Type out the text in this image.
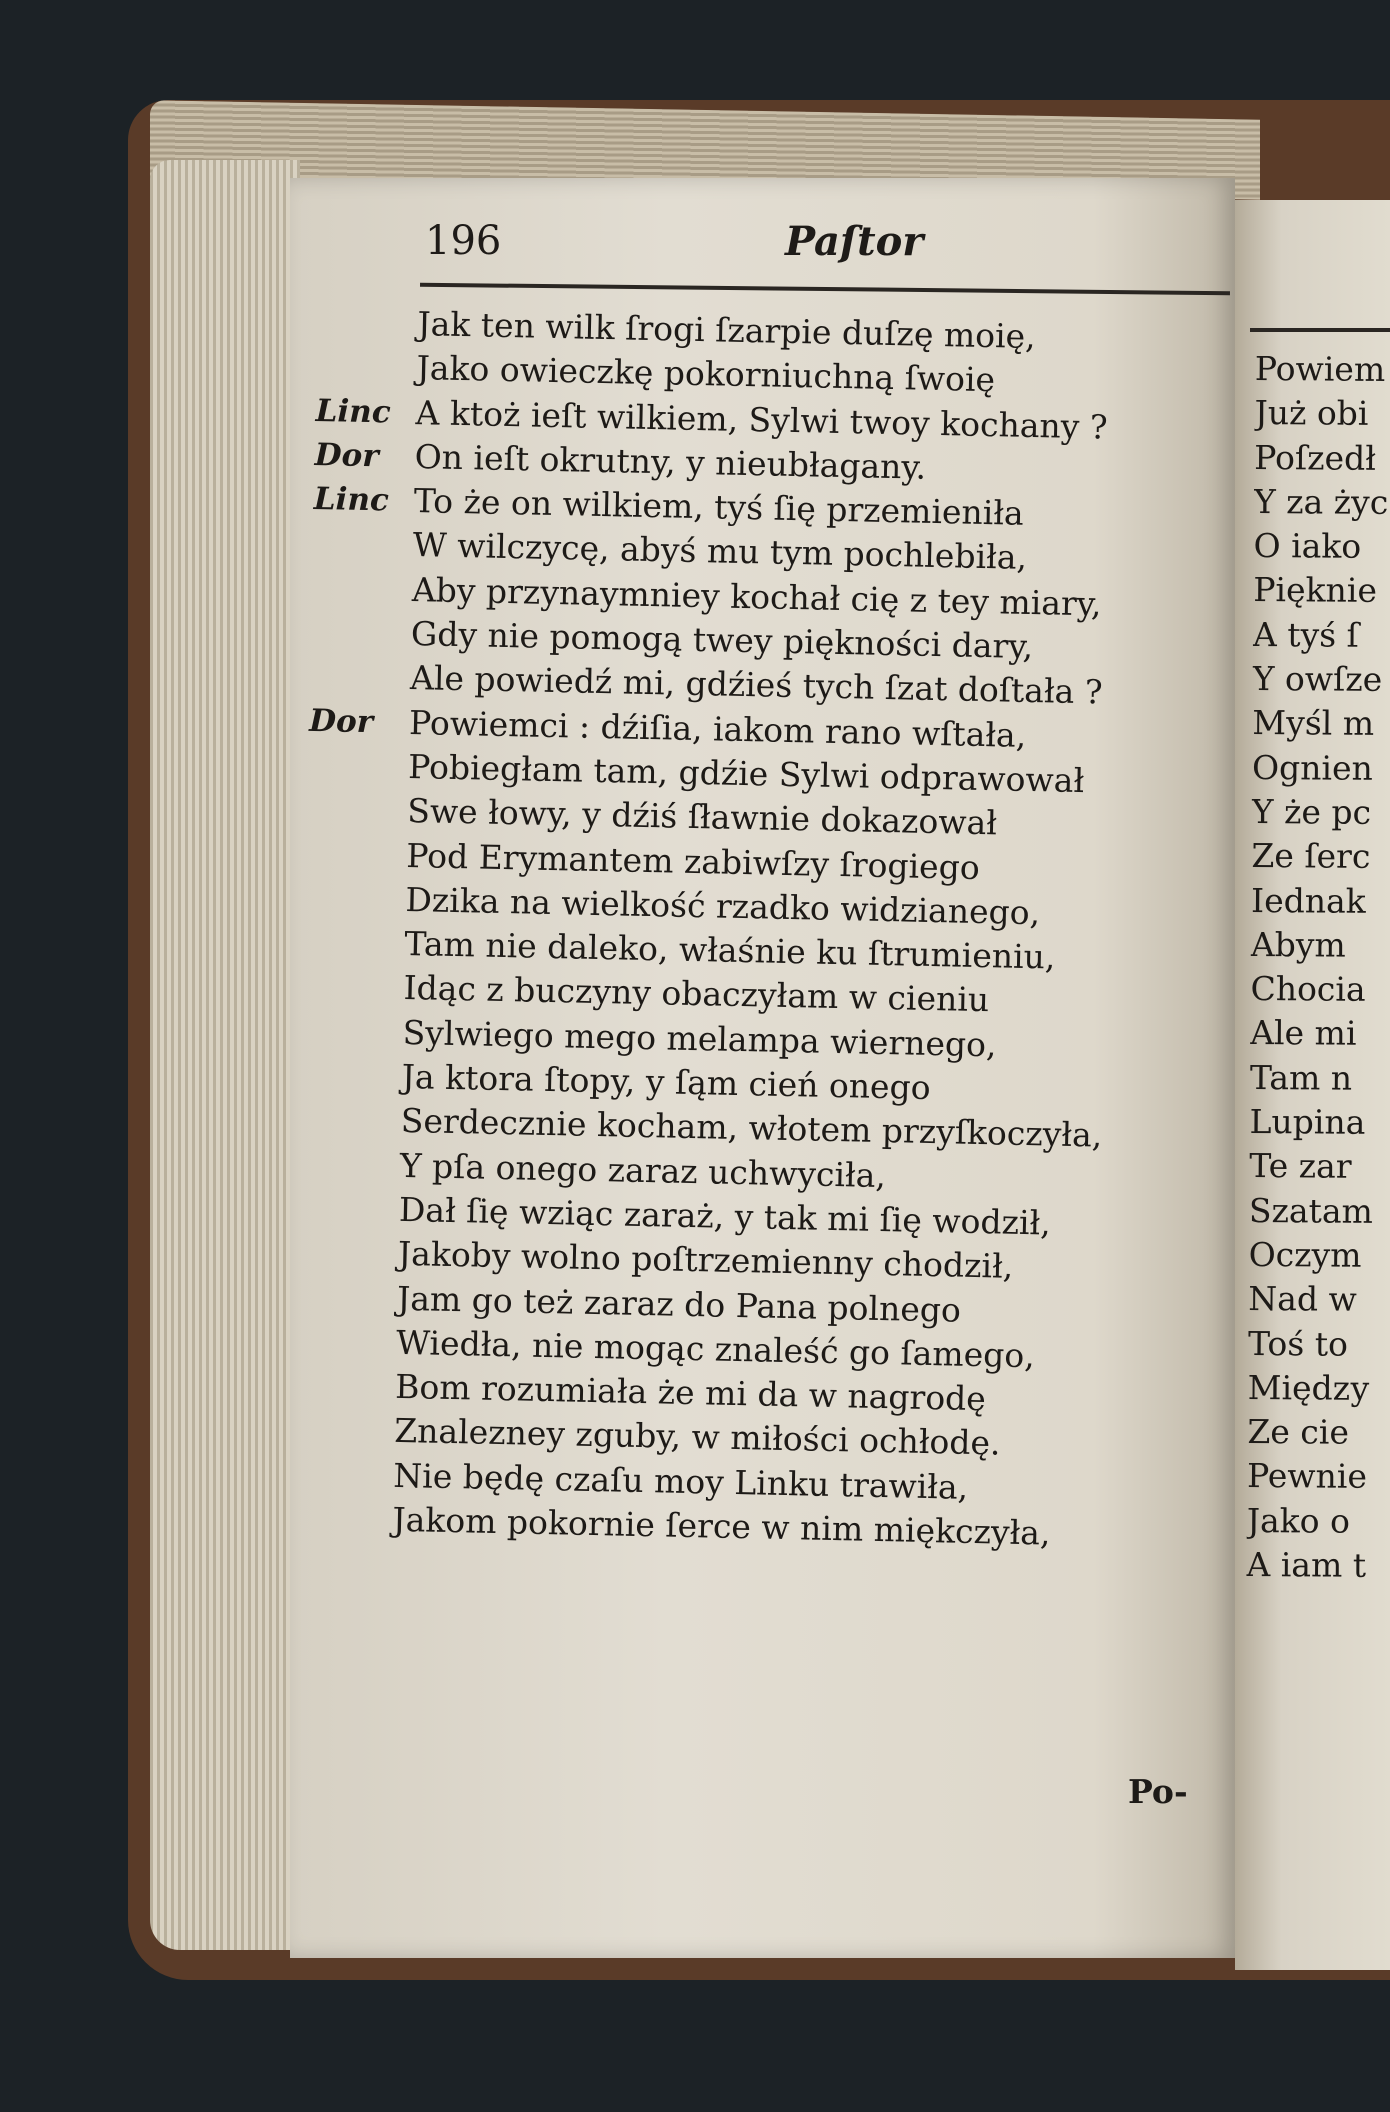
196	Paſtor
Jak ten wilk ſrogi ſzarpie duſzę moię,
Jako owieczkę pokorniuchną ſwoię
Linc A ktoż ieſt wilkiem, Sylwi twoy kochany ?
Dor	On ieſt okrutny, y nieubłagany.
Linc To że on wilkiem, tyś ſię przemieniła
W wilczycę, abyś mu tym pochlebiła,
Aby przynaymniey kochał cię z tey miary,
Gdy nie pomogą twey piękności dary,
Ale powiedź mi, gdźieś tych ſzat doſtała ?
Dor	Powiemci : dźiſia, iakom rano wſtała,
Pobiegłam tam, gdźie Sylwi odprawował
Swe łowy, y dźiś ſławnie dokazował
Pod Erymantem zabiwſzy ſrogiego
Dzika na wielkość rzadko widzianego,
Tam nie daleko, właśnie ku ſtrumieniu,
Idąc z buczyny obaczyłam w cieniu
Sylwiego mego melampa wiernego,
Ja ktora ſtopy, y ſąm cień onego
Serdecznie kocham, włotem przyſkoczyła,
Y pſa onego zaraz uchwyciła,
Dał ſię wziąc zaraż, y tak mi ſię wodził,
Jakoby wolno poſtrzemienny chodził,
Jam go też zaraz do Pana polnego
Wiedła, nie mogąc znaleść go ſamego,
Bom rozumiała że mi da w nagrodę
Znalezney zguby, w miłości ochłodę.
Nie będę czaſu moy Linku trawiła,
Jakom pokornie ſerce w nim miękczyła,
Po-
Powiem
Już obi
Poſzedł
Y za życ
O iako
Pięknie
A tyś ſ
Y owſze
Myśl m
Ognien
Y że pc
Ze ſerc
Iednak
Abym
Chocia
Ale mi
Tam n
Lupina
Te zar
Szatam
Oczym
Nad w
Toś to
Międzу
Ze cie
Pewnie
Jako o
A iam t
